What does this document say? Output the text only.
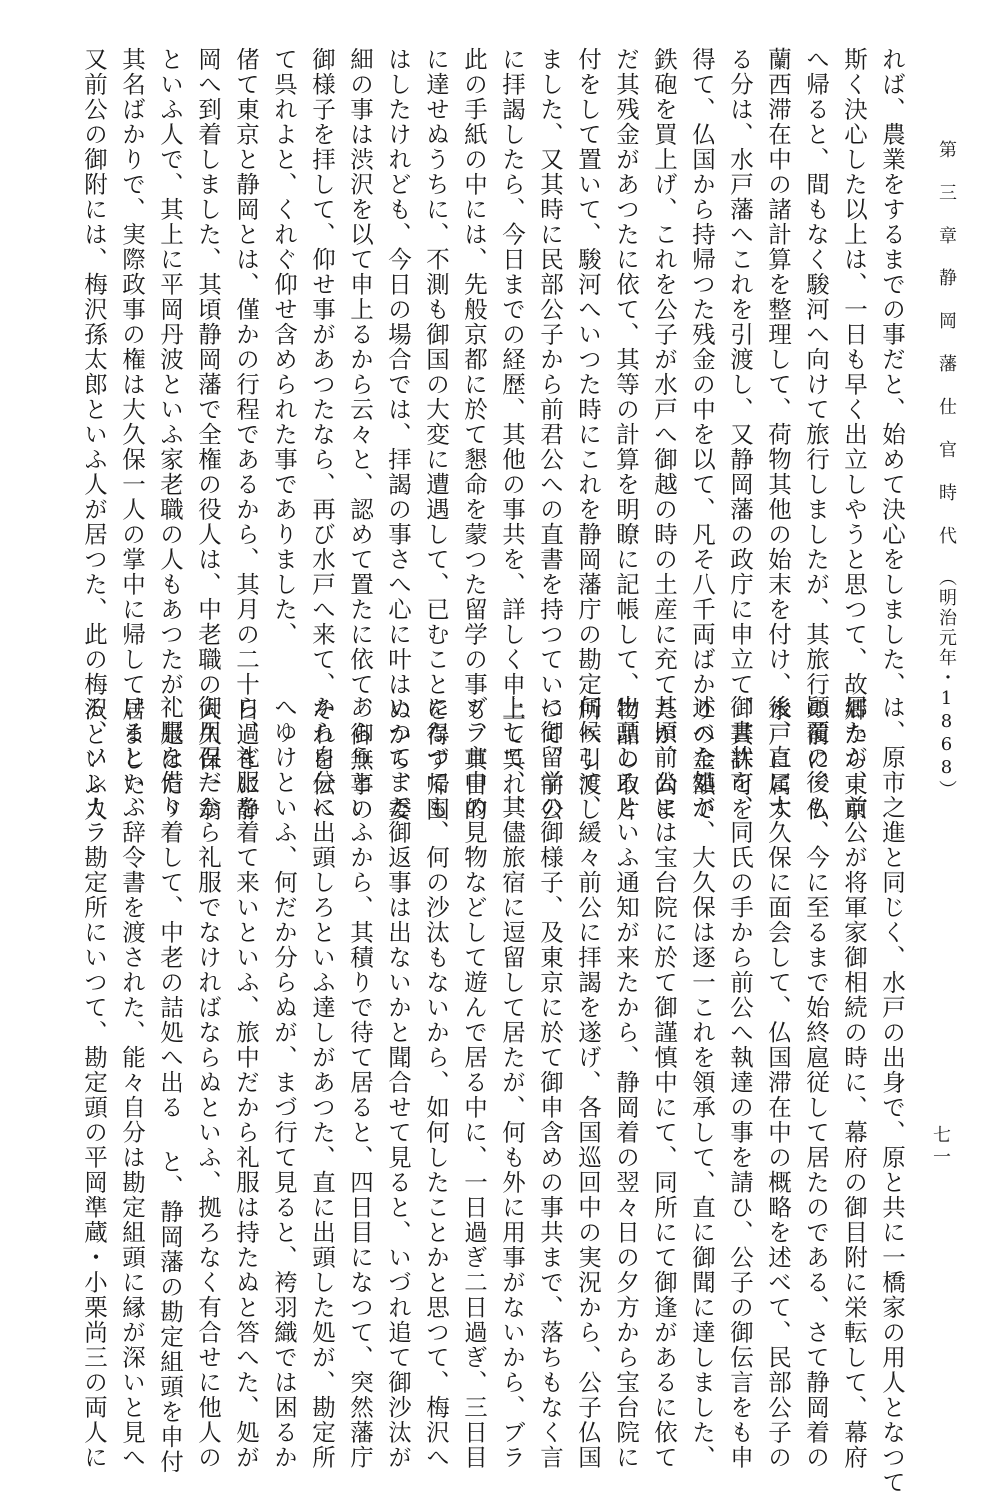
第 三 章静 岡 藩 仕 官 時 代（明治元年・1868）
れば、農業をするまでの事だと、始めて決心をしました、
斯く決心した以上は、一日も早く出立しやうと思つて、故郷から東京
へ帰ると、間もなく駿河へ向けて旅行しましたが、其旅行の前に、仏
蘭西滞在中の諸計算を整理して、荷物其他の始末を付け、水戸に属す
る分は、水戸藩へこれを引渡し、又静岡藩の政庁に申立て、其許可を
得て、仏国から持帰つた残金の中を以て、凡そ八千両ばかりの金額で
鉄砲を買上げ、これを公子が水戸へ御越の時の土産に充てたが、尚ま
だ其残金があつたに依て、其等の計算を明瞭に記帳して、物品の取片
付をして置いて、駿河へいつた時にこれを静岡藩庁の勘定所へ引渡し
ました、又其時に民部公子から前君公への直書を持つていつて、前公
に拝謁したら、今日までの経歴、其他の事共を、詳しく申上て呉れ、
此の手紙の中には、先般京都に於て懇命を蒙つた留学の事も、其目的
に達せぬうちに、不測も御国の大変に遭遇して、已むことを得ず帰国
はしたけれども、今日の場合では、拝謁の事さへ心に叶はぬから、委
細の事は渋沢を以て申上るから云々と、認めて置たに依て、御無事の
御様子を拝して、仰せ事があつたなら、再び水戸へ来て、それを伝へ
て呉れよと、くれぐ仰せ含められた事でありました、
偖て東京と静岡とは、僅かの行程であるから、其月の二十日過ぎに静
岡へ到着しました、其頃静岡藩で全権の役人は、中老職の大久保一翁
といふ人で、其上に平岡丹波といふ家老職の人もあつたが、是はたゞ
其名ばかりで、実際政事の権は大久保一人の掌中に帰して居ました、
又前公の御附には、梅沢孫太郎といふ人が居つた、此の梅沢といふ人
は、原市之進と同じく、水戸の出身で、原と共に一橋家の用人となつて
居たが、前公が将軍家御相続の時に、幕府の御目附に栄転して、幕府
顚覆の後も、今に至るまで始終扈従して居たのである、さて静岡着の
後、直に大久保に面会して、仏国滞在中の概略を述べて、民部公子の
御書状を、同氏の手から前公へ執達の事を請ひ、公子の御伝言をも申
述べた処が、大久保は逐一これを領承して、直に御聞に達しました、
其頃前公には宝台院に於て御謹慎中にて、同所にて御逢があるに依て
出頭しろといふ通知が来たから、静岡着の翌々日の夕方から宝台院に
伺候して、緩々前公に拝謁を遂げ、各国巡回中の実況から、公子仏国
に御留学の御様子、及東京に於て御申含めの事共まで、落ちもなく言
上して、其儘旅宿に逗留して居たが、何も外に用事がないから、ブラ
ブラ市中の見物などして遊んで居る中に、一日過ぎ二日過ぎ、三日目
になつても、何の沙汰もないから、如何したことかと思つて、梅沢へ
いつてまだ御返事は出ないかと聞合せて見ると、いづれ追て御沙汰が
あらうといふから、其積りで待て居ると、四日目になつて、突然藩庁
から自分に出頭しろといふ達しがあつた、直に出頭した処が、勘定所
へゆけといふ、何だか分らぬが、まづ行て見ると、袴羽織では困るか
ら、礼服を着て来いといふ、旅中だから礼服は持たぬと答へた、処が
御用召だから礼服でなければならぬといふ、拠ろなく有合せに他人の
礼服を借り着して、中老の詰処へ出る と、静岡藩の勘定組頭を申付
けるといふ辞令書を渡された、能々自分は勘定組頭に縁が深いと見へ
る、ソレカラ勘定所にいつて、勘定頭の平岡準蔵・小栗尚三の両人に	七一
